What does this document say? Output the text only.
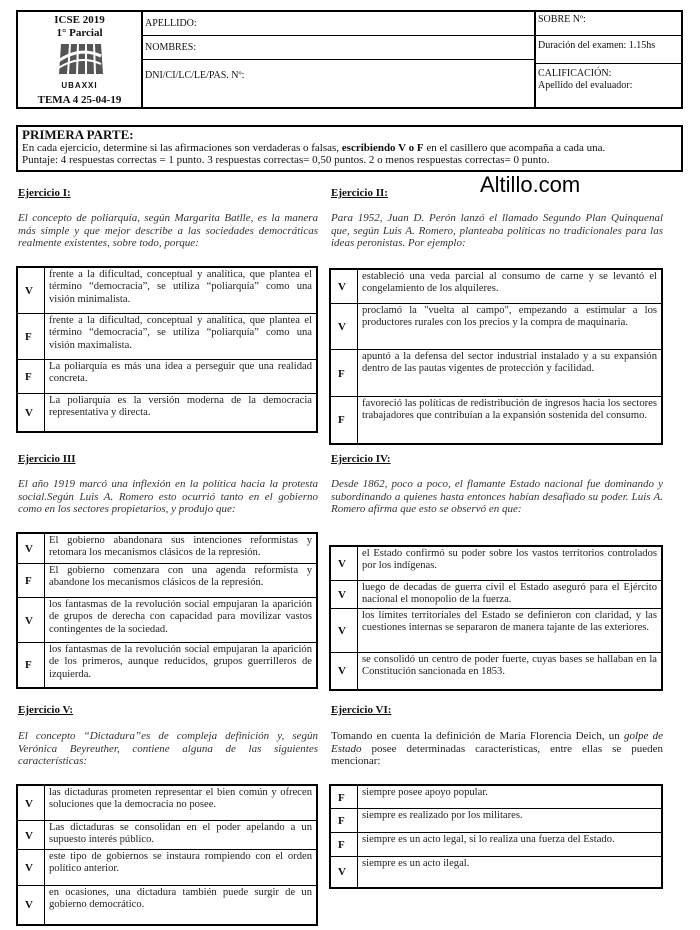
ICSE 2019
1° Parcial
UBAXXI
TEMA 4 25-04-19
APELLIDO:
NOMBRES:
DNI/CI/LC/LE/PAS. Nº:
SOBRE Nº:
Duración del examen: 1.15hs
CALIFICACIÓN:
Apellido del evaluador:
PRIMERA PARTE:
En cada ejercicio, determine si las afirmaciones son verdaderas o falsas, escribiendo V o F en el casillero que acompaña a cada una.
Puntaje: 4 respuestas correctas = 1 punto. 3 respuestas correctas= 0,50 puntos. 2 o menos respuestas correctas= 0 punto.
Altillo.com
Ejercicio I:
El concepto de poliarquía, según Margarita Batlle, es la manera más simple y que mejor describe a las sociedades democráticas realmente existentes, sobre todo, porque:
V
frente a la dificultad, conceptual y analítica, que plantea el término “democracia”, se utiliza “poliarquía” como una visión minimalista.
F
frente a la dificultad, conceptual y analítica, que plantea el término “democracia”, se utiliza “poliarquía” como una visión maximalista.
F
La poliarquía es más una idea a perseguir que una realidad concreta.
V
La poliarquía es la versión moderna de la democracia representativa y directa.
Ejercicio II:
Para 1952, Juan D. Perón lanzó el llamado Segundo Plan Quinquenal que, según Luis A. Romero, planteaba políticas no tradicionales para las ideas peronistas. Por ejemplo:
V
estableció una veda parcial al consumo de carne y se levantó el congelamiento de los alquileres.
V
proclamó la "vuelta al campo", empezando a estimular a los productores rurales con los precios y la compra de maquinaria.
F
apuntó a la defensa del sector industrial instalado y a su expansión dentro de las pautas vigentes de protección y facilidad.
F
favoreció las políticas de redistribución de ingresos hacia los sectores trabajadores que contribuían a la expansión sostenida del consumo.
Ejercicio III
El año 1919 marcó una inflexión en la política hacia la protesta social.Según Luis A. Romero esto ocurrió tanto en el gobierno como en los sectores propietarios, y produjo que:
V
El gobierno abandonara sus intenciones reformistas y retomara los mecanismos clásicos de la represión.
F
El gobierno comenzara con una agenda reformista y abandone los mecanismos clásicos de la represión.
V
los fantasmas de la revolución social empujaran la aparición de grupos de derecha con capacidad para movilizar vastos contingentes de la sociedad.
F
los fantasmas de la revolución social empujaran la aparición de los primeros, aunque reducidos, grupos guerrilleros de izquierda.
Ejercicio IV:
Desde 1862, poco a poco, el flamante Estado nacional fue dominando y subordinando a quienes hasta entonces habían desafiado su poder. Luis A. Romero afirma que esto se observó en que:
V
el Estado confirmó su poder sobre los vastos territorios controlados por los indígenas.
V
luego de decadas de guerra civil el Estado aseguró para el Ejército nacional el monopolio de la fuerza.
V
los límites territoriales del Estado se definieron con claridad, y las cuestiones internas se separaron de manera tajante de las exteriores.
V
se consolidó un centro de poder fuerte, cuyas bases se hallaban en la Constitución sancionada en 1853.
Ejercicio V:
El concepto “Dictadura”es de compleja definición y, según Verónica Beyreuther, contiene alguna de las siguientes características:
V
las dictaduras prometen representar el bien común y ofrecen soluciones que la democracia no posee.
V
Las dictaduras se consolidan en el poder apelando a un supuesto interés público.
V
este tipo de gobiernos se instaura rompiendo con el orden político anterior.
V
en ocasiones, una dictadura también puede surgir de un gobierno democrático.
Ejercicio VI:
Tomando en cuenta la definición de María Florencia Deich, un golpe de Estado posee determinadas características, entre ellas se pueden mencionar:
F siempre posee apoyo popular.
F siempre es realizado por los militares.
F siempre es un acto legal, si lo realiza una fuerza del Estado.
V
siempre es un acto ilegal.
